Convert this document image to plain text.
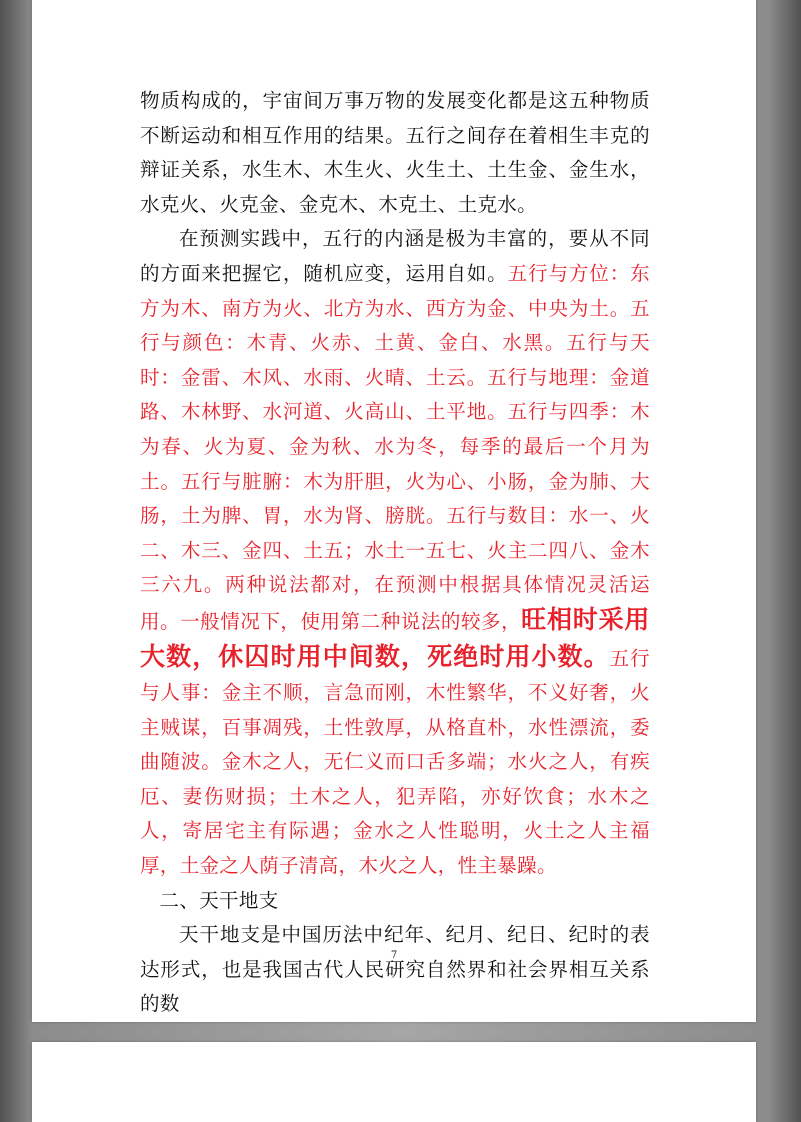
物质构成的，宇宙间万事万物的发展变化都是这五种物质不断运动和相互作用的结果。五行之间存在着相生丰克的辩证关系，水生木、木生火、火生土、土生金、金生水，水克火、火克金、金克木、木克土、土克水。

在预测实践中，五行的内涵是极为丰富的，要从不同的方面来把握它，随机应变，运用自如。五行与方位：东方为木、南方为火、北方为水、西方为金、中央为土。五行与颜色：木青、火赤、土黄、金白、水黑。五行与天时：金雷、木风、水雨、火晴、土云。五行与地理：金道路、木林野、水河道、火高山、土平地。五行与四季：木为春、火为夏、金为秋、水为冬，每季的最后一个月为土。五行与脏腑：木为肝胆，火为心、小肠，金为肺、大肠，土为脾、胃，水为肾、膀胱。五行与数目：水一、火二、木三、金四、土五；水土一五七、火主二四八、金木三六九。两种说法都对，在预测中根据具体情况灵活运用。一般情况下，使用第二种说法的较多，旺相时采用大数，休囚时用中间数，死绝时用小数。五行与人事：金主不顺，言急而刚，木性繁华，不义好奢，火主贼谋，百事凋残，土性敦厚，从格直朴，水性漂流，委曲随波。金木之人，无仁义而口舌多端；水火之人，有疾厄、妻伤财损；土木之人，犯弄陷，亦好饮食；水木之人，寄居宅主有际遇；金水之人性聪明，火土之人主福厚，土金之人荫子清高，木火之人，性主暴躁。

二、天干地支

天干地支是中国历法中纪年、纪月、纪日、纪时的表达形式，也是我国古代人民研究自然界和社会界相互关系的数

7
